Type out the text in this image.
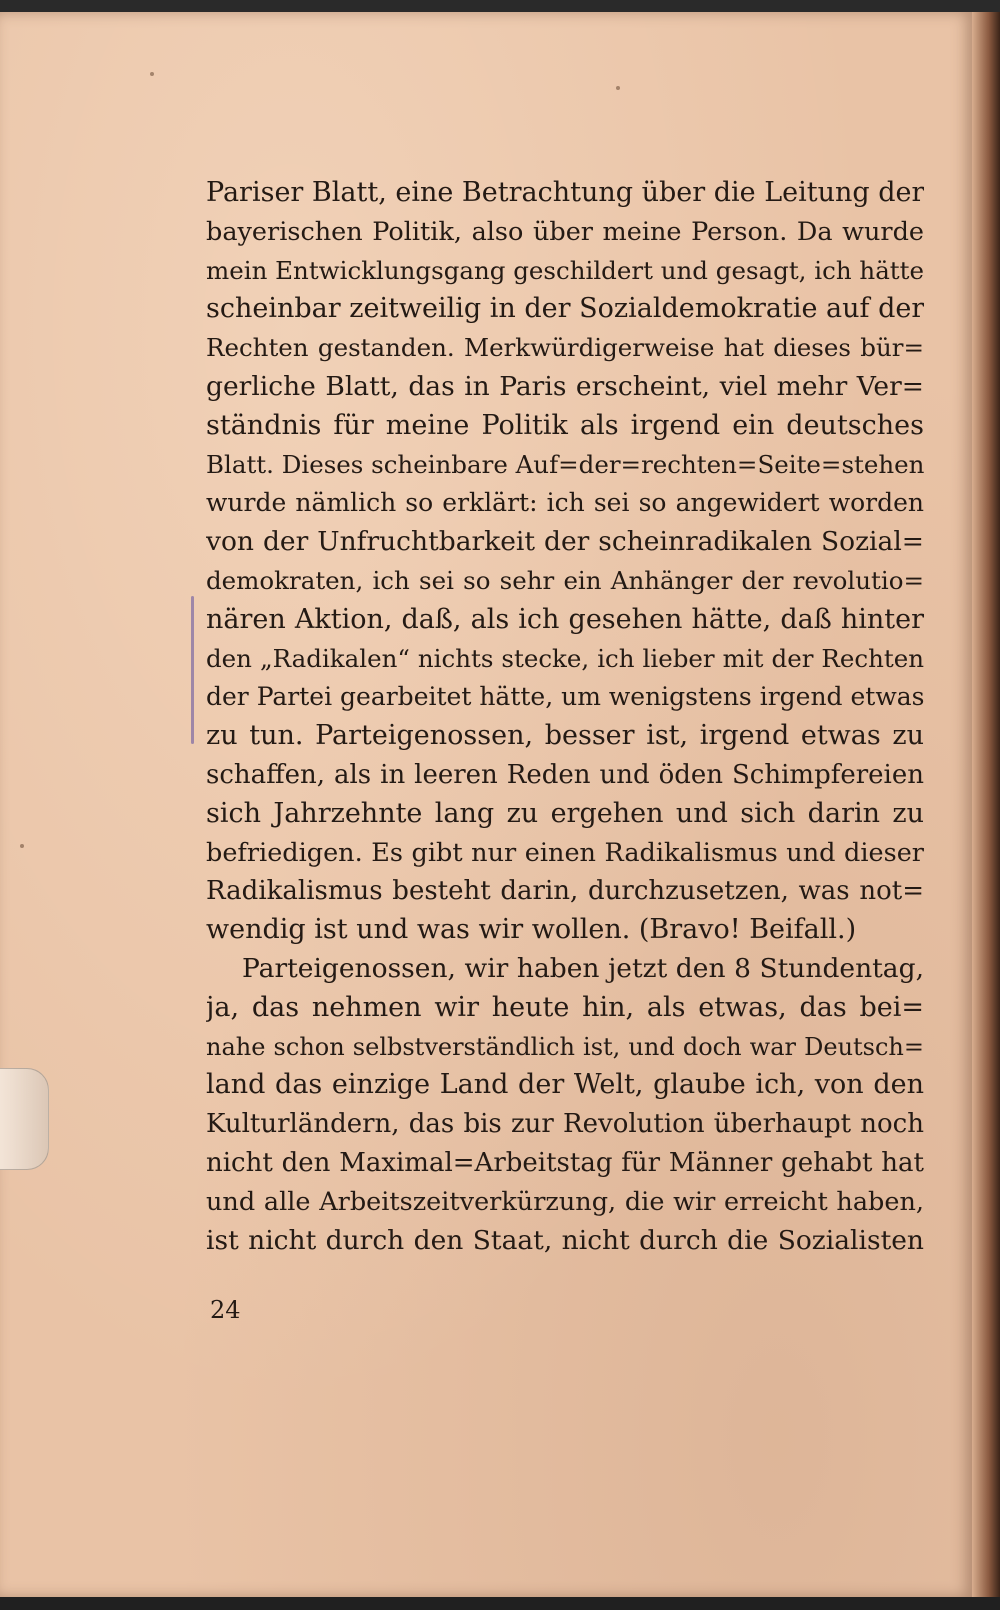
Pariser Blatt, eine Betrachtung über die Leitung der
bayerischen Politik, also über meine Person. Da wurde
mein Entwicklungsgang geschildert und gesagt, ich hätte
scheinbar zeitweilig in der Sozialdemokratie auf der
Rechten gestanden. Merkwürdigerweise hat dieses bür=
gerliche Blatt, das in Paris erscheint, viel mehr Ver=
ständnis für meine Politik als irgend ein deutsches
Blatt. Dieses scheinbare Auf=der=rechten=Seite=stehen
wurde nämlich so erklärt: ich sei so angewidert worden
von der Unfruchtbarkeit der scheinradikalen Sozial=
demokraten, ich sei so sehr ein Anhänger der revolutio=
nären Aktion, daß, als ich gesehen hätte, daß hinter
den „Radikalen“ nichts stecke, ich lieber mit der Rechten
der Partei gearbeitet hätte, um wenigstens irgend etwas
zu tun. Parteigenossen, besser ist, irgend etwas zu
schaffen, als in leeren Reden und öden Schimpfereien
sich Jahrzehnte lang zu ergehen und sich darin zu
befriedigen. Es gibt nur einen Radikalismus und dieser
Radikalismus besteht darin, durchzusetzen, was not=
wendig ist und was wir wollen. (Bravo! Beifall.)
Parteigenossen, wir haben jetzt den 8 Stundentag,
ja, das nehmen wir heute hin, als etwas, das bei=
nahe schon selbstverständlich ist, und doch war Deutsch=
land das einzige Land der Welt, glaube ich, von den
Kulturländern, das bis zur Revolution überhaupt noch
nicht den Maximal=Arbeitstag für Männer gehabt hat
und alle Arbeitszeitverkürzung, die wir erreicht haben,
ist nicht durch den Staat, nicht durch die Sozialisten
24
